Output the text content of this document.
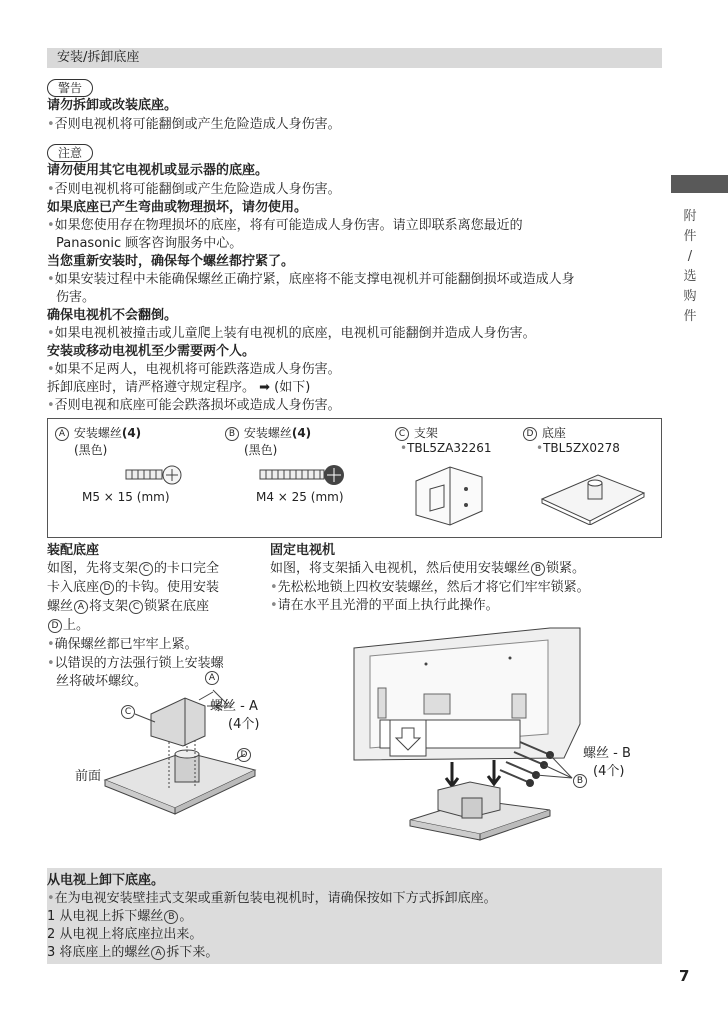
安装/拆卸底座
附
件
/
选
购
件
警告
请勿拆卸或改装底座。
•否则电视机将可能翻倒或产生危险造成人身伤害。
注意
请勿使用其它电视机或显示器的底座。
•否则电视机将可能翻倒或产生危险造成人身伤害。
如果底座已产生弯曲或物理损坏，请勿使用。
•如果您使用存在物理损坏的底座，将有可能造成人身伤害。请立即联系离您最近的
Panasonic 顾客咨询服务中心。
当您重新安装时，确保每个螺丝都拧紧了。
•如果安装过程中未能确保螺丝正确拧紧，底座将不能支撑电视机并可能翻倒损坏或造成人身
伤害。
确保电视机不会翻倒。
•如果电视机被撞击或儿童爬上装有电视机的底座，电视机可能翻倒并造成人身伤害。
安装或移动电视机至少需要两个人。
•如果不足两人，电视机将可能跌落造成人身伤害。
拆卸底座时，请严格遵守规定程序。 ➡ (如下)
•否则电视和底座可能会跌落损坏或造成人身伤害。
A 安装螺丝(4)
(黑色)
M5 × 15 (mm)
B 安装螺丝(4)
(黑色)
M4 × 25 (mm)
C 支架
•TBL5ZA32261
D 底座
•TBL5ZX0278
装配底座
如图，先将支架 C 的卡口完全
卡入底座 D 的卡钩。使用安装
螺丝 A 将支架 C 锁紧在底座
D 上。
•确保螺丝都已牢牢上紧。
•以错误的方法强行锁上安装螺
丝将破坏螺纹。	A
C
D
螺丝 - A
(4个)
前面
固定电视机
如图，将支架插入电视机，然后使用安装螺丝 B 锁紧。
•先松松地锁上四枚安装螺丝，然后才将它们牢牢锁紧。
•请在水平且光滑的平面上执行此操作。
螺丝 - B
(4个)
B
从电视上卸下底座。
•在为电视安装壁挂式支架或重新包装电视机时，请确保按如下方式拆卸底座。
1 从电视上拆下螺丝 B 。
2 从电视上将底座拉出来。
3 将底座上的螺丝 A 拆下来。
7
